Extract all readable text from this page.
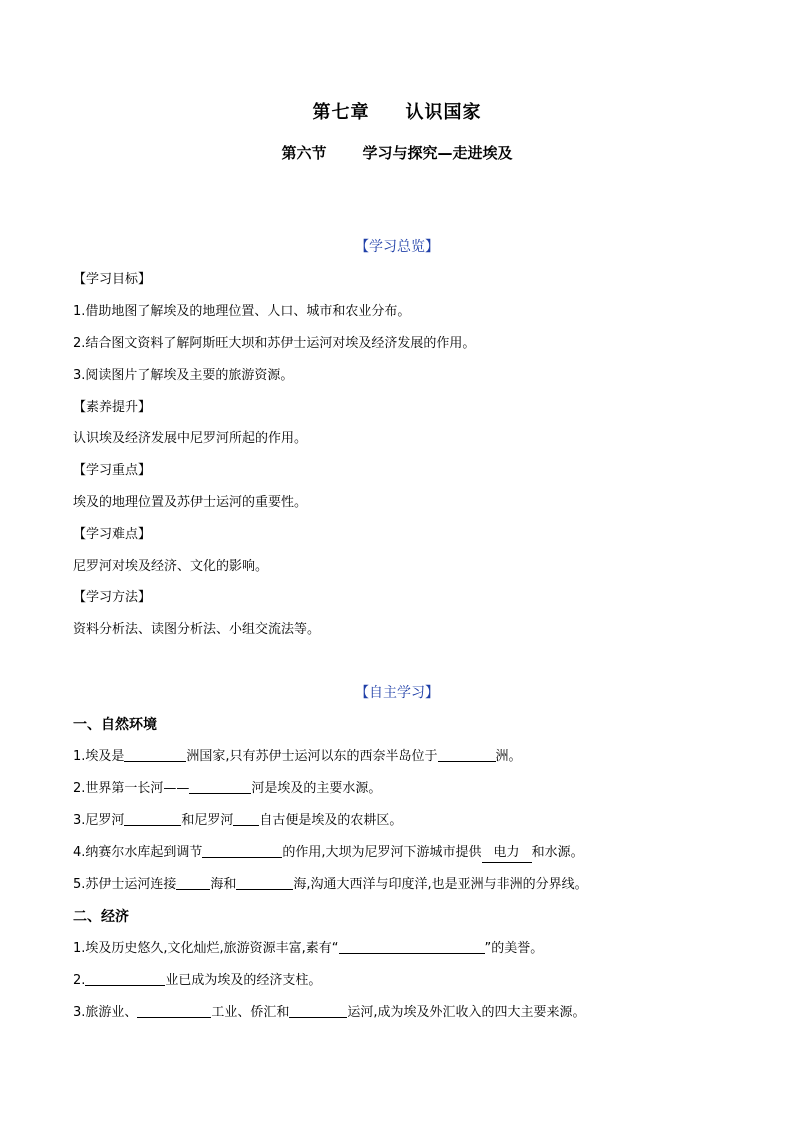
第七章 认识国家
第六节 学习与探究—走进埃及
【学习总览】
【学习目标】
1.借助地图了解埃及的地理位置、人口、城市和农业分布。
2.结合图文资料了解阿斯旺大坝和苏伊士运河对埃及经济发展的作用。
3.阅读图片了解埃及主要的旅游资源。
【素养提升】
认识埃及经济发展中尼罗河所起的作用。
【学习重点】
埃及的地理位置及苏伊士运河的重要性。
【学习难点】
尼罗河对埃及经济、文化的影响。
【学习方法】
资料分析法、读图分析法、小组交流法等。
【自主学习】
一、自然环境
1.埃及是	洲国家,只有苏伊士运河以东的西奈半岛位于	洲。
2.世界第一长河——	河是埃及的主要水源。
3.尼罗河	和尼罗河 自古便是埃及的农耕区。
4.纳赛尔水库起到调节	的作用,大坝为尼罗河下游城市提供 电力 和水源。
5.苏伊士运河连接	海和	海,沟通大西洋与印度洋,也是亚洲与非洲的分界线。
二、经济
1.埃及历史悠久,文化灿烂,旅游资源丰富,素有“	”的美誉。
2.	业已成为埃及的经济支柱。
3.旅游业、	工业、侨汇和	运河,成为埃及外汇收入的四大主要来源。
